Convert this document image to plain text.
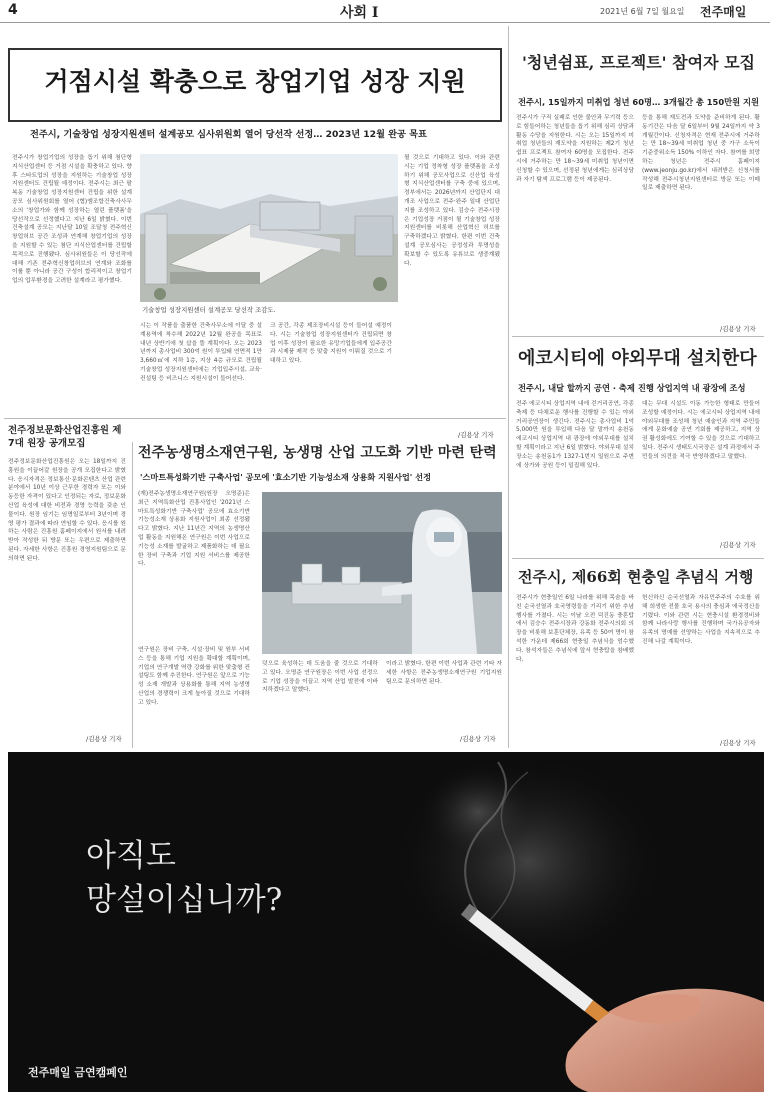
4	사회 I	2021년 6월 7일 월요일 전주매일
거점시설 확충으로 창업기업 성장 지원
전주시, 기술창업 성장지원센터 설계공모 심사위원회 열어 당선작 선정… 2023년 12월 완공 목표
전주시가 창업기업의 성장을 돕기 위해 첨단형 지식산업센터 등 거점 시설을 확충하고 있다. 향후 스타트업의 성장을 지원하는 기술창업 성장지원센터도 건립될 예정이다. 전주시는 최근 팔복동 기술창업 성장지원센터 건립을 위한 설계공모 심사위원회를 열어 (협)엠조합건축사사무소의 '창업가와 함께 성장하는 열린 플랫폼'을 당선작으로 선정했다고 지난 6일 밝혔다. 이번 건축설계 공모는 지난달 10일 조달청 전주혁신창업허브 공간 조성과 연계해 창업기업의 성장을 지원할 수 있는 첨단 지식산업센터를 건립할 목적으로 진행됐다. 심사위원들은 이 당선작에 대해 기존 전주혁신창업허브의 연계와 조화를 이룰 뿐 아니라 공간 구성이 합리적이고 창업기업의 업무환경을 고려한 설계라고 평가했다.
기술창업 성장지원센터 설계공모 당선작 조감도.
시는 이 작품을 출품한 건축사무소에 이달 중 설계용역에 착수해 2022년 12월 완공을 목표로 내년 상반기에 첫 삽을 뜰 계획이다. 오는 2023년까지 총사업비 300억 원이 투입돼 연면적 1만3,660㎡에 지하 1층, 지상 4층 규모로 건립될 기술창업 성장지원센터에는 기업입주시설, 교육·컨설팅 등 비즈니스 지원시설이 들어선다.
크 공간, 각종 제조장비시설 등이 들어설 예정이다. 시는 기술창업 성장지원센터가 건립되면 창업 이후 성장이 필요한 유망기업들에게 입주공간과 시제품 제작 등 맞춤 지원이 이뤄질 것으로 기대하고 있다.
될 것으로 기대하고 있다. 이와 관련 시는 기업 정착형 성장 플랫폼을 조성하기 위해 공모사업으로 신산업 육성형 지식산업센터를 구축 중에 있으며, 정부에서는 2026년까지 산업단지 대개조 사업으로 전주·완주 일대 산업단지를 조성하고 있다. 김승수 전주시장은 기업성장 거점이 될 기술창업 성장지원센터를 비롯해 산업혁신 허브를 구축하겠다고 밝혔다. 한편 이번 건축설계 공모심사는 공정성과 투명성을 확보할 수 있도록 유튜브로 생중계됐다.
/김용상 기자
'청년쉼표, 프로젝트' 참여자 모집
전주시, 15일까지 미취업 청년 60명… 3개월간 총 150만원 지원
전주시가 구직 실패로 인한 불안과 무기력 등으로 힘들어하는 청년들을 돕기 위해 심리 상담과 활동 수당을 지원한다. 시는 오는 15일까지 미취업 청년들의 재도약을 지원하는 제2기 청년쉼표 프로젝트 참여자 60명을 모집한다. 전주시에 거주하는 만 18~39세 미취업 청년이면 신청할 수 있으며, 선정된 청년에게는 심리상담과 자기 탐색 프로그램 등이 제공된다.
등을 통해 재도전과 도약을 준비하게 된다. 활동기간은 다음 달 6일부터 9월 24일까지 약 3개월간이다. 신청자격은 현재 전주시에 거주하는 만 18~39세 미취업 청년 중 가구 소득이 기준중위소득 150% 이하인 자다. 참여를 희망하는 청년은 전주시 홈페이지(www.jeonju.go.kr)에서 내려받은 신청서를 작성해 전주시청년지원센터로 방문 또는 이메일로 제출하면 된다.
/김용상 기자
에코시티에 야외무대 설치한다
전주시, 내달 할까지 공연 · 축제 진행 상업지역 내 광장에 조성
전주 에코시티 상업지역 내에 걷거리공연, 각종 축제 등 다채로운 행사를 진행할 수 있는 야외 거리공연장이 생긴다. 전주시는 총사업비 1억5,000만 원을 투입해 다음 달 말까지 송천동 에코시티 상업지역 내 광장에 야외무대를 설치할 계획이라고 지난 6일 밝혔다. 야외무대 설치 장소는 송천동1가 1327-1번지 일원으로 주변에 상가와 공원 등이 밀집해 있다.
대는 무대 시설도 이동 가능한 형태로 만들어 조성할 예정이다. 시는 에코시티 상업지역 내에 야외무대를 조성해 청년 예술인과 지역 주민들에게 문화예술 공연 기회를 제공하고, 지역 상권 활성화에도 기여할 수 있을 것으로 기대하고 있다. 전주시 생태도시국장은 설계 과정에서 주민들의 의견을 적극 반영하겠다고 말했다.
/김용상 기자
전주시, 제66회 현충일 추념식 거행
전주시가 현충일인 6일 나라를 위해 목숨을 바친 순국선열과 호국영령들을 기리기 위한 추념 행사를 가졌다. 시는 이날 오전 덕진동 충혼탑에서 김승수 전주시장과 강동화 전주시의회 의장을 비롯해 보훈단체장, 유족 등 50여 명이 참석한 가운데 제66회 현충일 추념식을 엄수했다. 참석자들은 추념식에 앞서 현충탑을 참배했다.
헌신하신 순국선열과 자유민주주의 수호를 위해 희생한 전몰 호국 용사의 충심과 애국정신을 기렸다. 이와 관련 시는 현충시설 환경정비와 함께 나라사랑 행사를 진행하며 국가유공자와 유족의 명예를 선양하는 사업을 지속적으로 추진해 나갈 계획이다.
/김용상 기자
전주정보문화산업진흥원 제7대 원장 공개모집
전주정보문화산업진흥원은 오는 18일까지 진흥원을 이끌어갈 원장을 공개 모집한다고 밝혔다. 응시자격은 정보통신·문화콘텐츠 산업 관련 분야에서 10년 이상 근무한 경력자 또는 이와 동등한 자격이 있다고 인정되는 자로, 정보문화산업 육성에 대한 비전과 경영 능력을 갖춘 인물이다. 원장 임기는 임명일로부터 3년이며 경영 평가 결과에 따라 연임할 수 있다. 응시를 원하는 사람은 진흥원 홈페이지에서 원서를 내려받아 작성한 뒤 방문 또는 우편으로 제출하면 된다. 자세한 사항은 진흥원 경영지원팀으로 문의하면 된다.
/김용상 기자
전주농생명소재연구원, 농생명 산업 고도화 기반 마련 탄력
'스마트특성화기반 구축사업' 공모에 '효소기반 기능성소재 상용화 지원사업' 선정
(재)전주농생명소재연구원(원장 오명준)은 최근 지역특화산업 진흥사업인 '2021년 스마트특성화기반 구축사업' 공모에 효소기반 기능성소재 상용화 지원사업이 최종 선정됐다고 밝혔다. 지난 11년간 지역의 농생명산업 활동을 지원해온 연구원은 이번 사업으로 기능성 소재를 발굴하고 제품화하는 데 필요한 장비 구축과 기업 지원 서비스를 제공한다.
연구원은 장비 구축, 시설·장비 및 원부 서비스 등을 통해 기업 지원을 확대할 계획이며, 기업의 연구개발 역량 강화를 위한 맞춤형 컨설팅도 함께 추진한다. 연구원은 앞으로 기능성 소재 개발과 상용화를 통해 지역 농생명 산업의 경쟁력이 크게 높아질 것으로 기대하고 있다.
덧으로 육성하는 데 도움을 줄 것으로 기대하고 있다. 오명준 연구원장은 이번 사업 선정으로 기업 성장을 이끌고 지역 산업 발전에 이바지하겠다고 말했다.
이라고 밝혔다. 한편 이번 사업과 관련 기타 자세한 사항은 전주농생명소재연구원 기업지원팀으로 문의하면 된다.
/김용상 기자
아직도
망설이십니까?
전주매일 금연캠페인
